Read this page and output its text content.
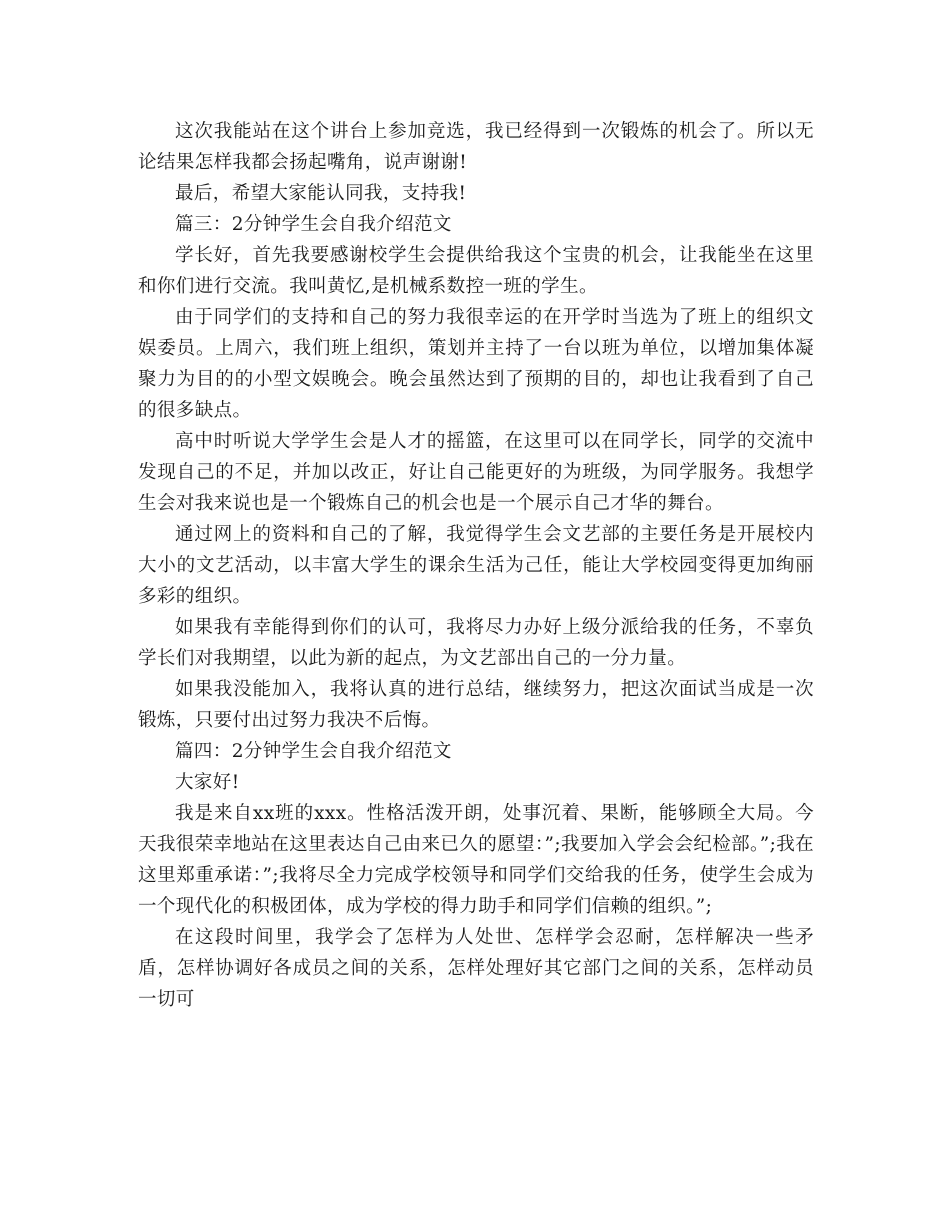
这次我能站在这个讲台上参加竞选，我已经得到一次锻炼的机会了。所以无论结果怎样我都会扬起嘴角，说声谢谢!

最后，希望大家能认同我，支持我!

篇三：2分钟学生会自我介绍范文

学长好，首先我要感谢校学生会提供给我这个宝贵的机会，让我能坐在这里和你们进行交流。我叫黄忆,是机械系数控一班的学生。

由于同学们的支持和自己的努力我很幸运的在开学时当选为了班上的组织文娱委员。上周六，我们班上组织，策划并主持了一台以班为单位，以增加集体凝聚力为目的的小型文娱晚会。晚会虽然达到了预期的目的，却也让我看到了自己的很多缺点。

高中时听说大学学生会是人才的摇篮，在这里可以在同学长，同学的交流中发现自己的不足，并加以改正，好让自己能更好的为班级，为同学服务。我想学生会对我来说也是一个锻炼自己的机会也是一个展示自己才华的舞台。

通过网上的资料和自己的了解，我觉得学生会文艺部的主要任务是开展校内大小的文艺活动，以丰富大学生的课余生活为己任，能让大学校园变得更加绚丽多彩的组织。

如果我有幸能得到你们的认可，我将尽力办好上级分派给我的任务，不辜负学长们对我期望，以此为新的起点，为文艺部出自己的一分力量。

如果我没能加入，我将认真的进行总结，继续努力，把这次面试当成是一次锻炼，只要付出过努力我决不后悔。

篇四：2分钟学生会自我介绍范文

大家好!

我是来自xx班的xxx。性格活泼开朗，处事沉着、果断，能够顾全大局。今天我很荣幸地站在这里表达自己由来已久的愿望：”;我要加入学会会纪检部。”;我在这里郑重承诺：”;我将尽全力完成学校领导和同学们交给我的任务，使学生会成为一个现代化的积极团体，成为学校的得力助手和同学们信赖的组织。”;

在这段时间里，我学会了怎样为人处世、怎样学会忍耐，怎样解决一些矛盾，怎样协调好各成员之间的关系，怎样处理好其它部门之间的关系，怎样动员一切可
